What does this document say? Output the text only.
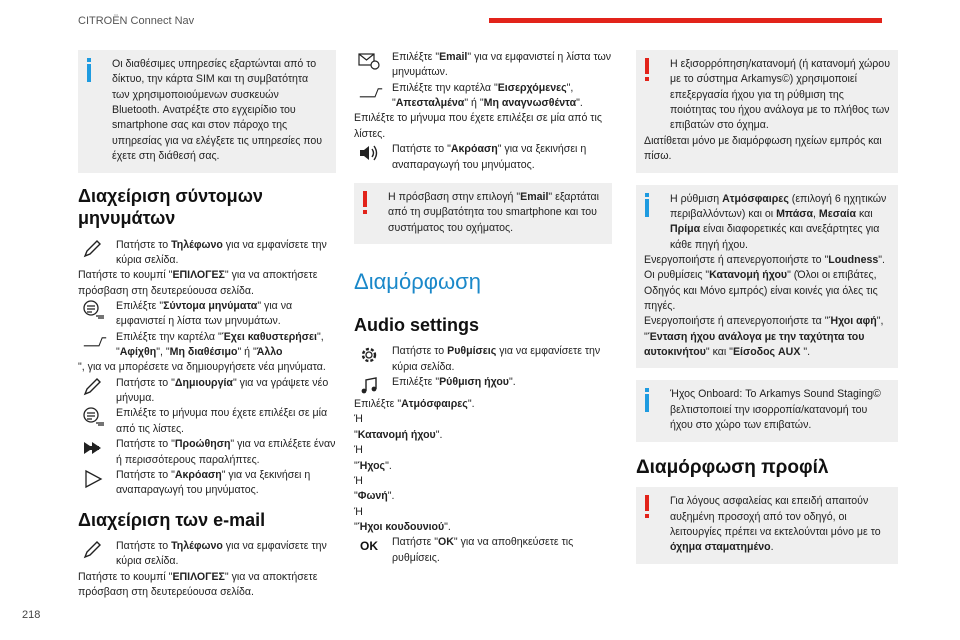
CITROËN Connect Nav

Οι διαθέσιμες υπηρεσίες εξαρτώνται από το δίκτυο, την κάρτα SIM και τη συμβατότητα των χρησιμοποιούμενων συσκευών Bluetooth. Ανατρέξτε στο εγχειρίδιο του smartphone σας και στον πάροχο της υπηρεσίας για να ελέγξετε τις υπηρεσίες που έχετε στη διάθεσή σας.

Διαχείριση σύντομων μηνυμάτων

Πατήστε το Τηλέφωνο για να εμφανίσετε την κύρια σελίδα.

Πατήστε το κουμπί "ΕΠΙΛΟΓΕΣ" για να αποκτήσετε πρόσβαση στη δευτερεύουσα σελίδα.

Επιλέξτε "Σύντομα μηνύματα" για να εμφανιστεί η λίστα των μηνυμάτων.

Επιλέξτε την καρτέλα "Έχει καθυστερήσει", "Αφίχθη", "Μη διαθέσιμο" ή "Άλλο

", για να μπορέσετε να δημιουργήσετε νέα μηνύματα.

Πατήστε το "Δημιουργία" για να γράψετε νέο μήνυμα.

Επιλέξτε το μήνυμα που έχετε επιλέξει σε μία από τις λίστες.

Πατήστε το "Προώθηση" για να επιλέξετε έναν ή περισσότερους παραλήπτες.

Πατήστε το "Ακρόαση" για να ξεκινήσει η αναπαραγωγή του μηνύματος.

Διαχείριση των e-mail

Πατήστε το Τηλέφωνο για να εμφανίσετε την κύρια σελίδα.

Πατήστε το κουμπί "ΕΠΙΛΟΓΕΣ" για να αποκτήσετε πρόσβαση στη δευτερεύουσα σελίδα.

Επιλέξτε "Email" για να εμφανιστεί η λίστα των μηνυμάτων.

Επιλέξτε την καρτέλα "Εισερχόμενες", "Απεσταλμένα" ή "Μη αναγνωσθέντα".

Επιλέξτε το μήνυμα που έχετε επιλέξει σε μία από τις λίστες.

Πατήστε το "Ακρόαση" για να ξεκινήσει η αναπαραγωγή του μηνύματος.

Η πρόσβαση στην επιλογή "Email" εξαρτάται από τη συμβατότητα του smartphone και του συστήματος του οχήματος.

Διαμόρφωση
Audio settings

Πατήστε το Ρυθμίσεις για να εμφανίσετε την κύρια σελίδα.

Επιλέξτε "Ρύθμιση ήχου".

Επιλέξτε "Ατμόσφαιρες".

Ή

"Κατανομή ήχου".

Ή

"Ήχος".

Ή

"Φωνή".

Ή

"Ήχοι κουδουνιού".

OK	Πατήστε "OK" για να αποθηκεύσετε τις ρυθμίσεις.

Η εξισορρόπηση/κατανομή (ή κατανομή χώρου με το σύστημα Arkamys©) χρησιμοποιεί επεξεργασία ήχου για τη ρύθμιση της ποιότητας του ήχου ανάλογα με το πλήθος των επιβατών στο όχημα.

Διατίθεται μόνο με διαμόρφωση ηχείων εμπρός και πίσω.

Η ρύθμιση Ατμόσφαιρες (επιλογή 6 ηχητικών περιβαλλόντων) και οι Μπάσα, Μεσαία και Πρίμα είναι διαφορετικές και ανεξάρτητες για κάθε πηγή ήχου.

Ενεργοποιήστε ή απενεργοποιήστε το "Loudness".

Οι ρυθμίσεις "Κατανομή ήχου" (Όλοι οι επιβάτες, Οδηγός και Μόνο εμπρός) είναι κοινές για όλες τις πηγές.

Ενεργοποιήστε ή απενεργοποιήστε τα "Ήχοι αφή", "Ένταση ήχου ανάλογα με την ταχύτητα του αυτοκινήτου" και "Είσοδος AUX ".

Ήχος Onboard: Το Arkamys Sound Staging© βελτιστοποιεί την ισορροπία/κατανομή του ήχου στο χώρο των επιβατών.

Διαμόρφωση προφίλ

Για λόγους ασφαλείας και επειδή απαιτούν αυξημένη προσοχή από τον οδηγό, οι λειτουργίες πρέπει να εκτελούνται μόνο με το όχημα σταματημένο.

218
